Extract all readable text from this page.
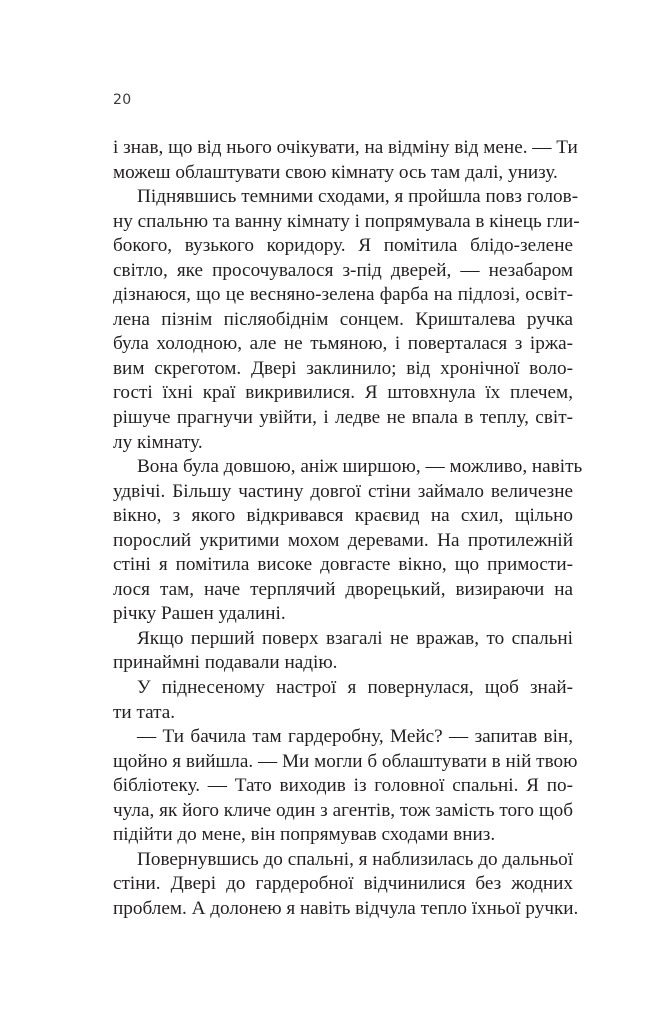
20
і знав, що від нього очікувати, на відміну від мене. — Ти
можеш облаштувати свою кімнату ось там далі, унизу.
Піднявшись темними сходами, я пройшла повз голов-
ну спальню та ванну кімнату і попрямувала в кінець гли-
бокого, вузького коридору. Я помітила блідо-зелене
світло, яке просочувалося з-під дверей, — незабаром
дізнаюся, що це весняно-зелена фарба на підлозі, освіт-
лена пізнім післяобіднім сонцем. Кришталева ручка
була холодною, але не тьмяною, і поверталася з іржа-
вим скреготом. Двері заклинило; від хронічної воло-
гості їхні краї викривилися. Я штовхнула їх плечем,
рішуче прагнучи увійти, і ледве не впала в теплу, світ-
лу кімнату.
Вона була довшою, аніж ширшою, — можливо, навіть
удвічі. Більшу частину довгої стіни займало величезне
вікно, з якого відкривався краєвид на схил, щільно
порослий укритими мохом деревами. На протилежній
стіні я помітила високе довгасте вікно, що примости-
лося там, наче терплячий дворецький, визираючи на
річку Рашен удалині.
Якщо перший поверх взагалі не вражав, то спальні
принаймні подавали надію.
У піднесеному настрої я повернулася, щоб знай-
ти тата.
— Ти бачила там гардеробну, Мейс? — запитав він,
щойно я вийшла. — Ми могли б облаштувати в ній твою
бібліотеку. — Тато виходив із головної спальні. Я по-
чула, як його кличе один з агентів, тож замість того щоб
підійти до мене, він попрямував сходами вниз.
Повернувшись до спальні, я наблизилась до дальньої
стіни. Двері до гардеробної відчинилися без жодних
проблем. А долонею я навіть відчула тепло їхньої ручки.
